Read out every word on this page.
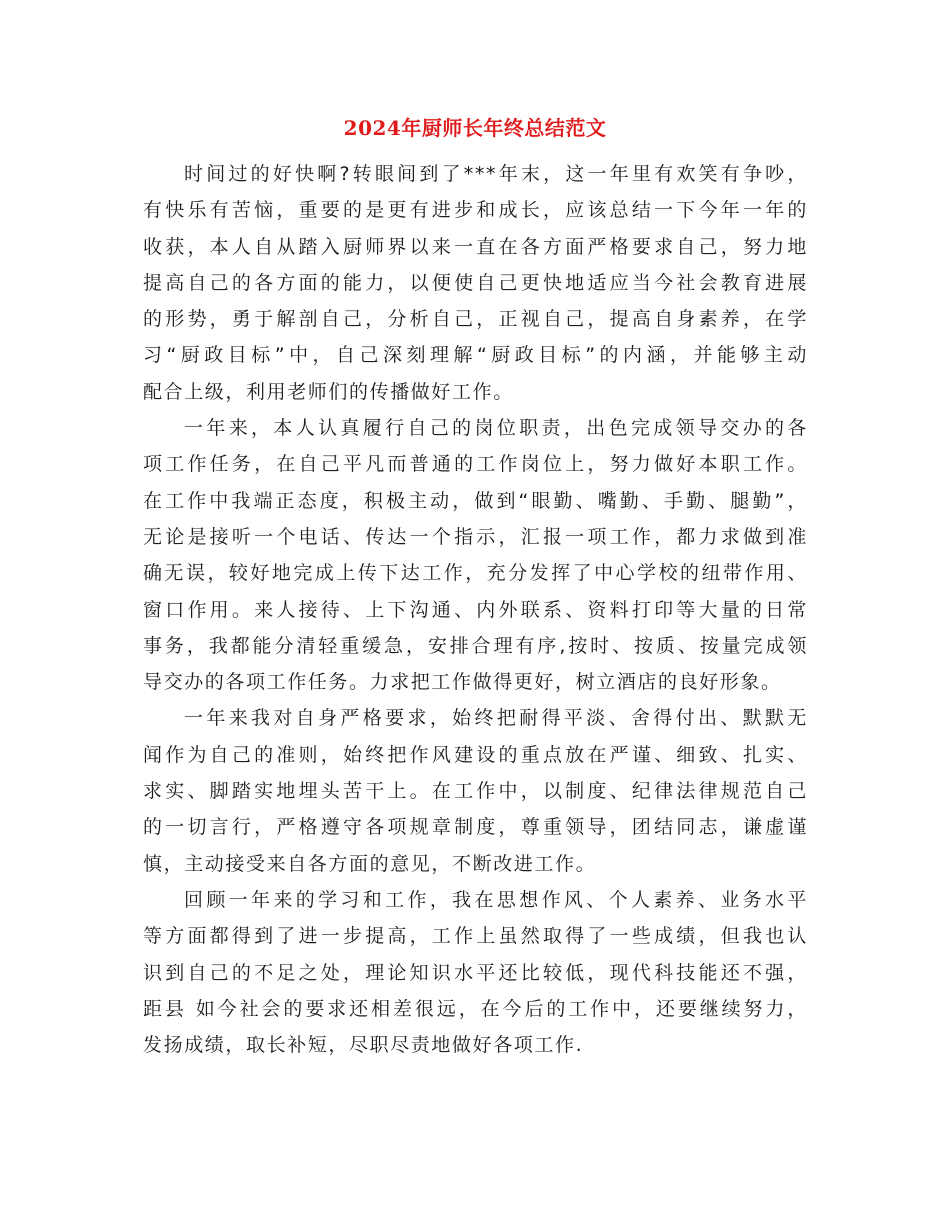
2024年厨师长年终总结范文
时间过的好快啊?转眼间到了***年末，这一年里有欢笑有争吵，
有快乐有苦恼，重要的是更有进步和成长，应该总结一下今年一年的
收获，本人自从踏入厨师界以来一直在各方面严格要求自己，努力地
提高自己的各方面的能力，以便使自己更快地适应当今社会教育进展
的形势，勇于解剖自己，分析自己，正视自己，提高自身素养，在学
习“厨政目标”中，自己深刻理解“厨政目标”的内涵，并能够主动
配合上级，利用老师们的传播做好工作。
一年来，本人认真履行自己的岗位职责，出色完成领导交办的各
项工作任务，在自己平凡而普通的工作岗位上，努力做好本职工作。
在工作中我端正态度，积极主动，做到“眼勤、嘴勤、手勤、腿勤”，
无论是接听一个电话、传达一个指示，汇报一项工作，都力求做到准
确无误，较好地完成上传下达工作，充分发挥了中心学校的纽带作用、
窗口作用。来人接待、上下沟通、内外联系、资料打印等大量的日常
事务，我都能分清轻重缓急，安排合理有序,按时、按质、按量完成领
导交办的各项工作任务。力求把工作做得更好，树立酒店的良好形象。
一年来我对自身严格要求，始终把耐得平淡、舍得付出、默默无
闻作为自己的准则，始终把作风建设的重点放在严谨、细致、扎实、
求实、脚踏实地埋头苦干上。在工作中，以制度、纪律法律规范自己
的一切言行，严格遵守各项规章制度，尊重领导，团结同志，谦虚谨
慎，主动接受来自各方面的意见，不断改进工作。
回顾一年来的学习和工作，我在思想作风、个人素养、业务水平
等方面都得到了进一步提高，工作上虽然取得了一些成绩，但我也认
识到自己的不足之处，理论知识水平还比较低，现代科技能还不强，
距县 如今社会的要求还相差很远，在今后的工作中，还要继续努力，
发扬成绩，取长补短，尽职尽责地做好各项工作.
